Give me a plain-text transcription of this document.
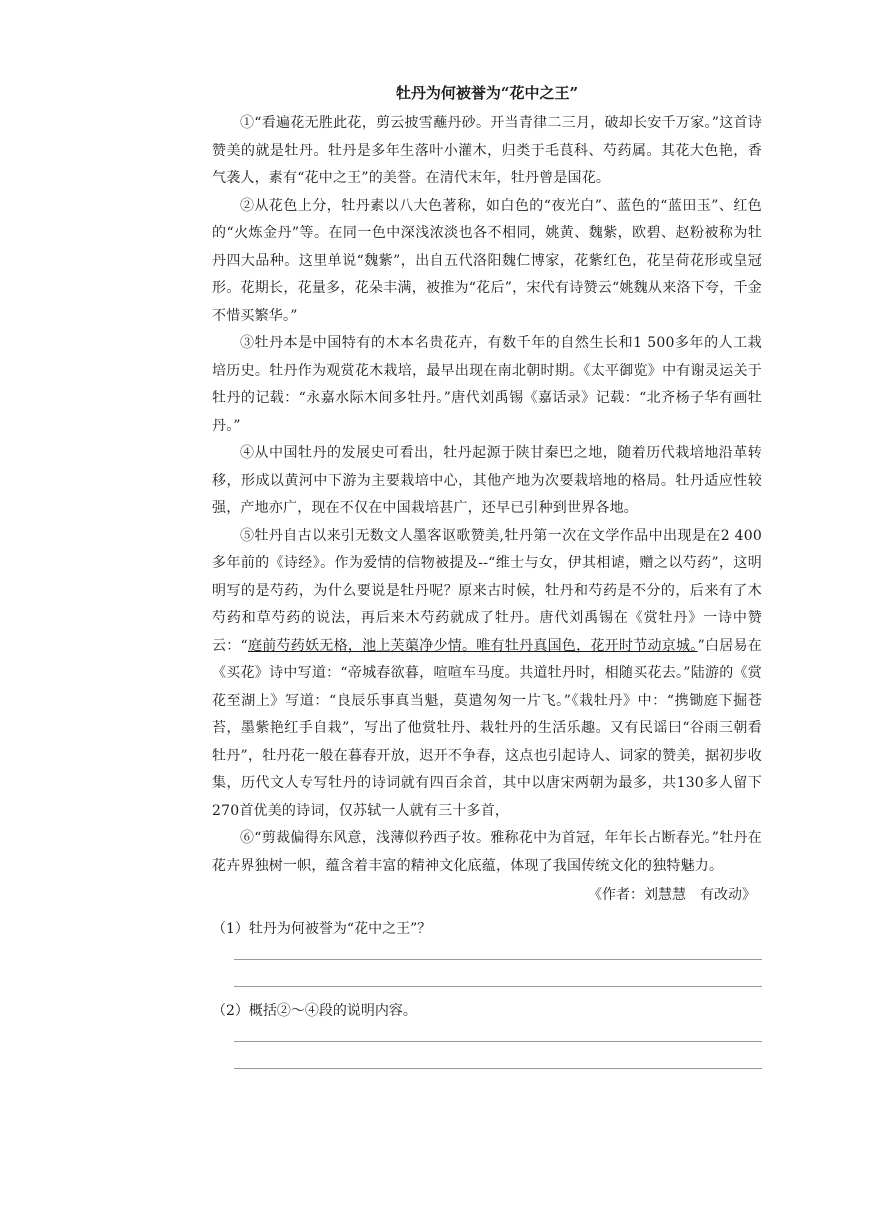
牡丹为何被誉为“花中之王”

①“看遍花无胜此花，剪云披雪蘸丹砂。开当青律二三月，破却长安千万家。”这首诗赞美的就是牡丹。牡丹是多年生落叶小灌木，归类于毛茛科、芍药属。其花大色艳，香气袭人，素有“花中之王”的美誉。在清代末年，牡丹曾是国花。

②从花色上分，牡丹素以八大色著称，如白色的“夜光白”、蓝色的“蓝田玉”、红色的“火炼金丹”等。在同一色中深浅浓淡也各不相同，姚黄、魏紫，欧碧、赵粉被称为牡丹四大品种。这里单说“魏紫”，出自五代洛阳魏仁博家，花紫红色，花呈荷花形或皇冠形。花期长，花量多，花朵丰满，被推为“花后”，宋代有诗赞云“姚魏从来洛下夸，千金不惜买繁华。”

③牡丹本是中国特有的木本名贵花卉，有数千年的自然生长和1 500多年的人工栽培历史。牡丹作为观赏花木栽培，最早出现在南北朝时期。《太平御览》中有谢灵运关于牡丹的记载：“永嘉水际木间多牡丹。”唐代刘禹锡《嘉话录》记载：“北齐杨子华有画牡丹。”

④从中国牡丹的发展史可看出，牡丹起源于陕甘秦巴之地，随着历代栽培地沿革转移，形成以黄河中下游为主要栽培中心，其他产地为次要栽培地的格局。牡丹适应性较强，产地亦广，现在不仅在中国栽培甚广，还早已引种到世界各地。

⑤牡丹自古以来引无数文人墨客讴歌赞美,牡丹第一次在文学作品中出现是在2 400多年前的《诗经》。作为爱情的信物被提及--“维士与女，伊其相谑，赠之以芍药”，这明明写的是芍药，为什么要说是牡丹呢？原来古时候，牡丹和芍药是不分的，后来有了木芍药和草芍药的说法，再后来木芍药就成了牡丹。唐代刘禹锡在《赏牡丹》一诗中赞云：“庭前芍药妖无格，池上芙蕖净少情。唯有牡丹真国色，花开时节动京城。”白居易在《买花》诗中写道：“帝城春欲暮，喧喧车马度。共道牡丹时，相随买花去。”陆游的《赏花至湖上》写道：“良辰乐事真当魁，莫遣匆匆一片飞。”《栽牡丹》中：“携锄庭下掘苍苔，墨紫艳红手自栽”，写出了他赏牡丹、栽牡丹的生活乐趣。又有民谣曰“谷雨三朝看牡丹”，牡丹花一般在暮春开放，迟开不争春，这点也引起诗人、词家的赞美，据初步收集，历代文人专写牡丹的诗词就有四百余首，其中以唐宋两朝为最多，共130多人留下270首优美的诗词，仅苏轼一人就有三十多首，

⑥“剪裁偏得东风意，浅薄似矜西子妆。雅称花中为首冠，年年长占断春光。”牡丹在花卉界独树一帜，蕴含着丰富的精神文化底蕴，体现了我国传统文化的独特魅力。

《作者：刘慧慧　有改动》

（1）牡丹为何被誉为“花中之王”？

（2）概括②～④段的说明内容。
